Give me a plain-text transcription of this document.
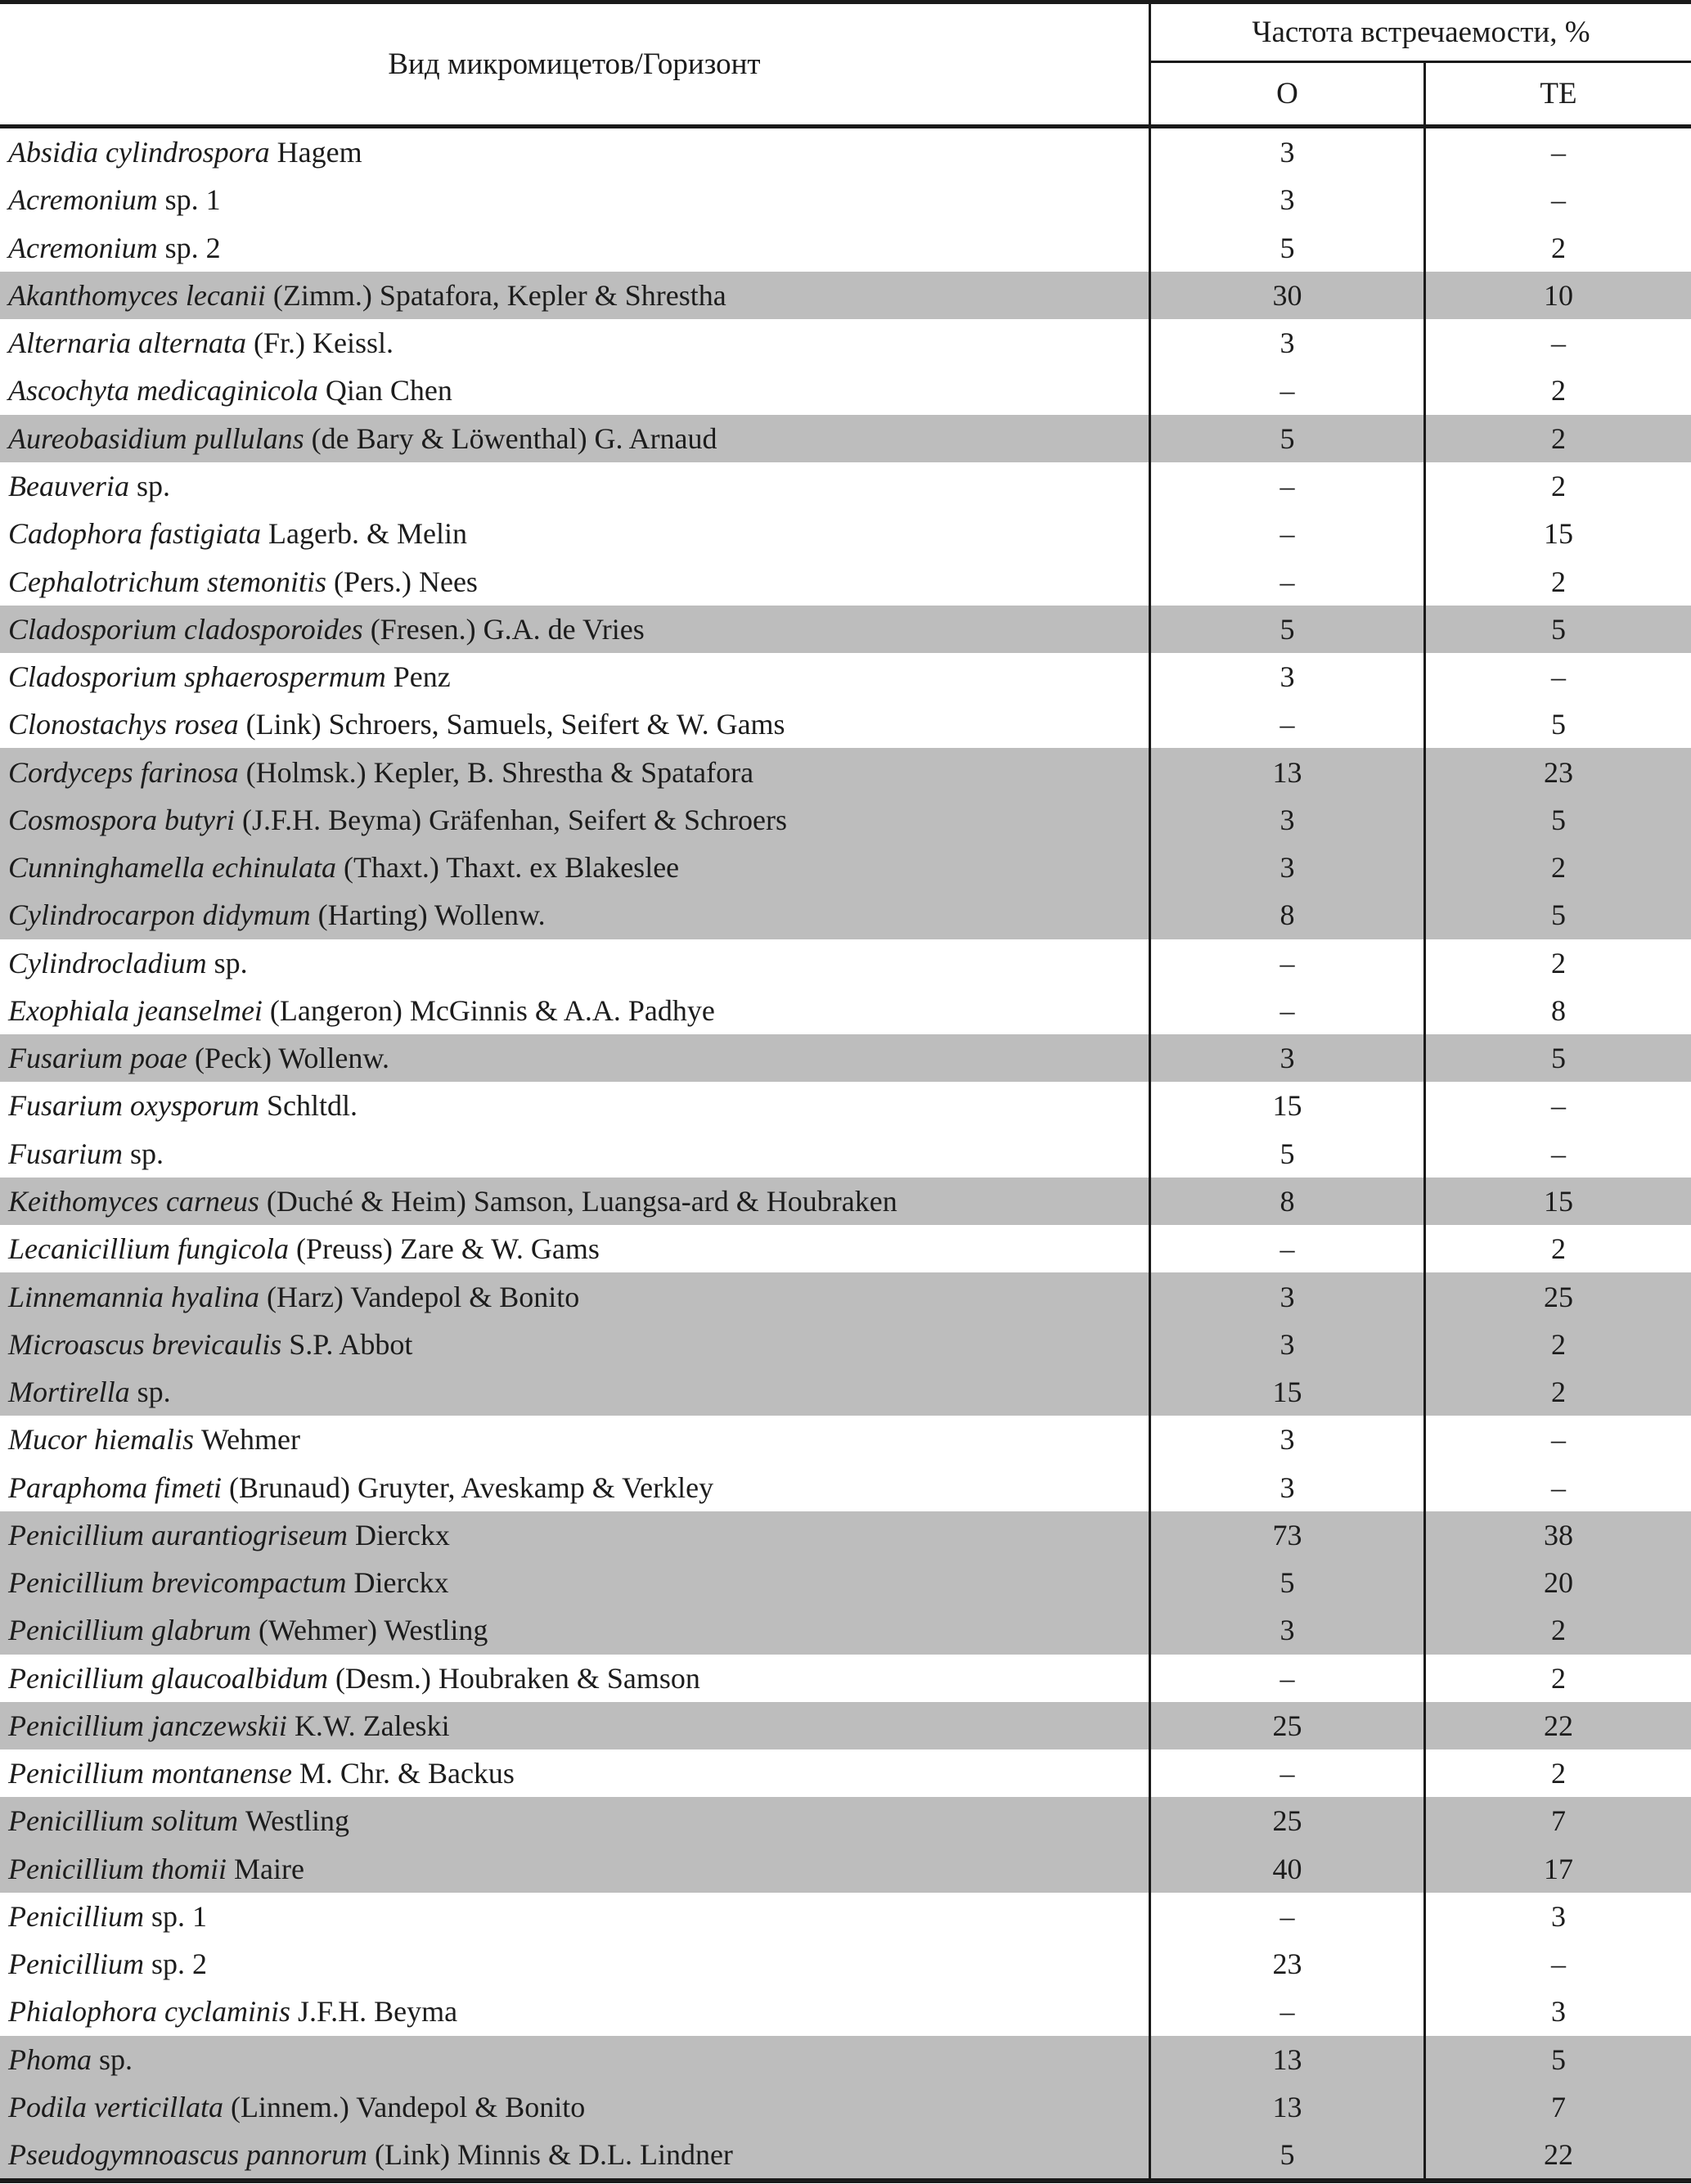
Вид микромицетов/Горизонт
Частота встречаемости, %
О	ТЕ
Absidia cylindrospora Hagem	3	–
Acremonium sp. 1	3	–
Acremonium sp. 2	5	2
Akanthomyces lecanii (Zimm.) Spatafora, Kepler & Shrestha	30	10
Alternaria alternata (Fr.) Keissl.	3	–
Ascochyta medicaginicola Qian Chen	–	2
Aureobasidium pullulans (de Bary & Löwenthal) G. Arnaud	5	2
Beauveria sp.	–	2
Cadophora fastigiata Lagerb. & Melin	–	15
Cephalotrichum stemonitis (Pers.) Nees	–	2
Cladosporium cladosporoides (Fresen.) G.A. de Vries	5	5
Cladosporium sphaerospermum Penz	3	–
Clonostachys rosea (Link) Schroers, Samuels, Seifert & W. Gams	–	5
Cordyceps farinosa (Holmsk.) Kepler, B. Shrestha & Spatafora	13	23
Cosmospora butyri (J.F.H. Beyma) Gräfenhan, Seifert & Schroers	3	5
Cunninghamella echinulata (Thaxt.) Thaxt. ex Blakeslee	3	2
Cylindrocarpon didymum (Harting) Wollenw.	8	5
Cylindrocladium sp.	–	2
Exophiala jeanselmei (Langeron) McGinnis & A.A. Padhye	–	8
Fusarium poae (Peck) Wollenw.	3	5
Fusarium oxysporum Schltdl.	15	–
Fusarium sp.	5	–
Keithomyces carneus (Duché & Heim) Samson, Luangsa-ard & Houbraken	8	15
Lecanicillium fungicola (Preuss) Zare & W. Gams	–	2
Linnemannia hyalina (Harz) Vandepol & Bonito	3	25
Microascus brevicaulis S.P. Abbot	3	2
Mortirella sp.	15	2
Mucor hiemalis Wehmer	3	–
Paraphoma fimeti (Brunaud) Gruyter, Aveskamp & Verkley	3	–
Penicillium aurantiogriseum Dierckx	73	38
Penicillium brevicompactum Dierckx	5	20
Penicillium glabrum (Wehmer) Westling	3	2
Penicillium glaucoalbidum (Desm.) Houbraken & Samson	–	2
Penicillium janczewskii K.W. Zaleski	25	22
Penicillium montanense M. Chr. & Backus	–	2
Penicillium solitum Westling	25	7
Penicillium thomii Maire	40	17
Penicillium sp. 1	–	3
Penicillium sp. 2	23	–
Phialophora cyclaminis J.F.H. Beyma	–	3
Phoma sp.	13	5
Podila verticillata (Linnem.) Vandepol & Bonito	13	7
Pseudogymnoascus pannorum (Link) Minnis & D.L. Lindner	5	22
